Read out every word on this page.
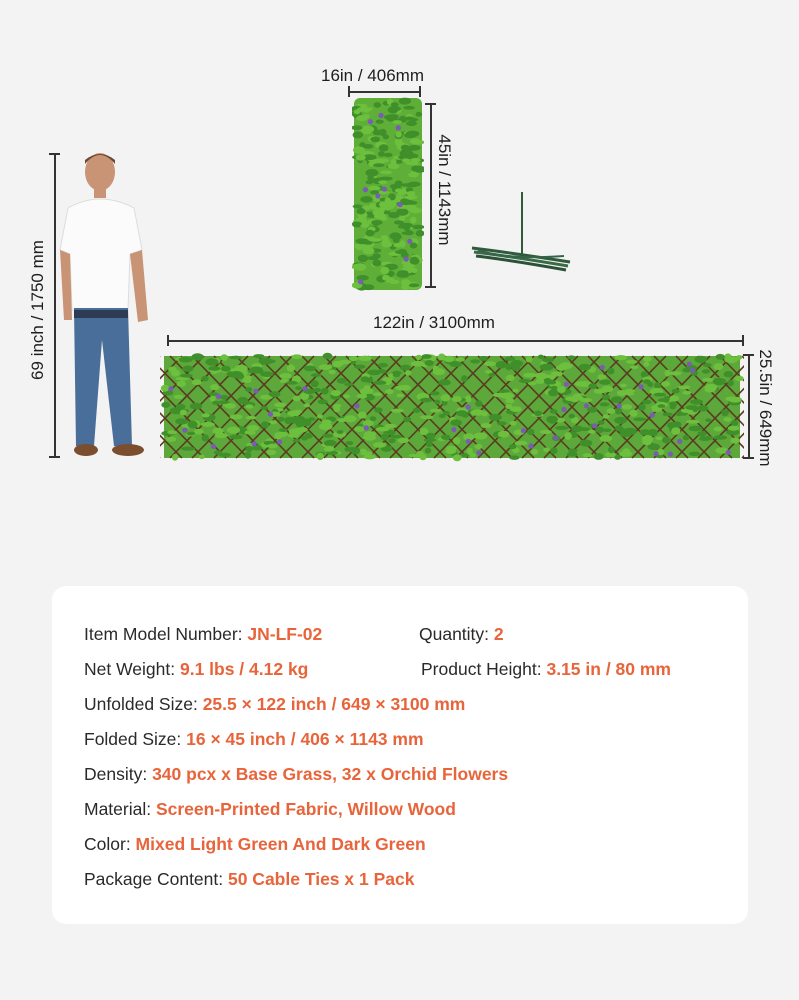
16in / 406mm
45in / 1143mm
69 inch / 1750 mm	122in / 3100mm
25.5in / 649mm
Item Model Number: JN-LF-02	Quantity: 2
Net Weight: 9.1 lbs / 4.12 kg	Product Height: 3.15 in / 80 mm
Unfolded Size: 25.5 × 122 inch / 649 × 3100 mm
Folded Size: 16 × 45 inch / 406 × 1143 mm
Density: 340 pcx x Base Grass, 32 x Orchid Flowers
Material: Screen-Printed Fabric, Willow Wood
Color: Mixed Light Green And Dark Green
Package Content: 50 Cable Ties x 1 Pack
